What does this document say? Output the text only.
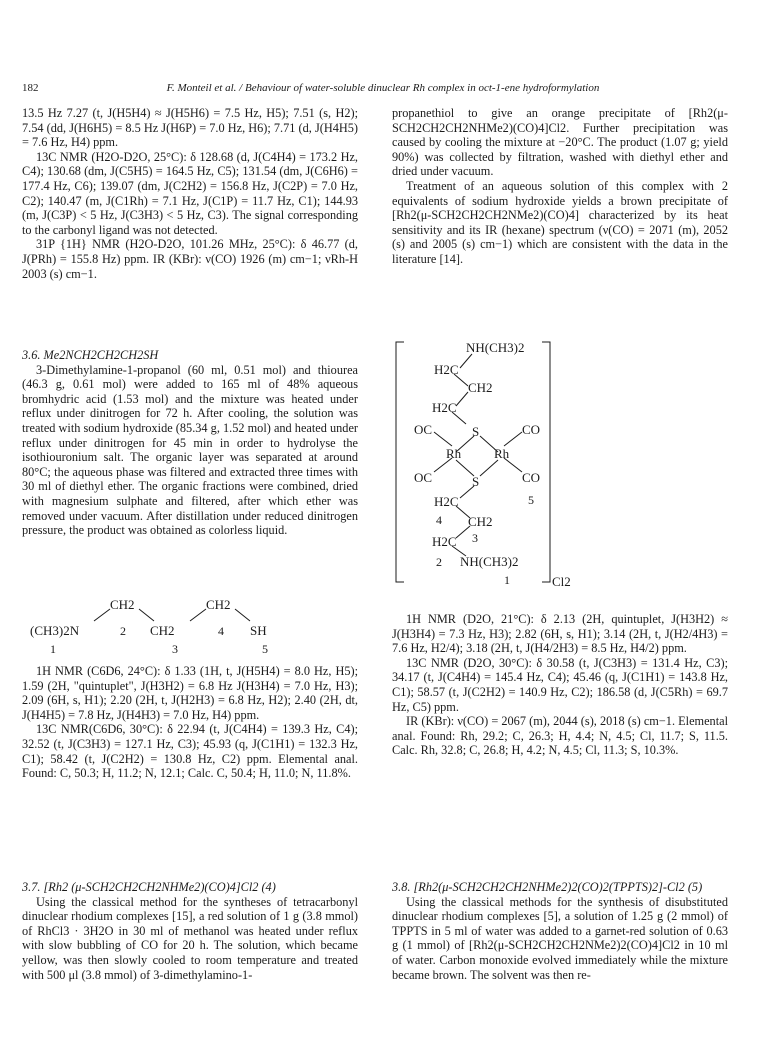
182	F. Monteil et al. / Behaviour of water-soluble dinuclear Rh complex in oct-1-ene hydroformylation

13.5 Hz 7.27 (t, J(H5H4) ≈ J(H5H6) = 7.5 Hz, H5); 7.51 (s, H2); 7.54 (dd, J(H6H5) = 8.5 Hz J(H6P) = 7.0 Hz, H6); 7.71 (d, J(H4H5) = 7.6 Hz, H4) ppm.

13C NMR (H2O-D2O, 25°C): δ 128.68 (d, J(C4H4) = 173.2 Hz, C4); 130.68 (dm, J(C5H5) = 164.5 Hz, C5); 131.54 (dm, J(C6H6) = 177.4 Hz, C6); 139.07 (dm, J(C2H2) = 156.8 Hz, J(C2P) = 7.0 Hz, C2); 140.47 (m, J(C1Rh) = 7.1 Hz, J(C1P) = 11.7 Hz, C1); 144.93 (m, J(C3P) < 5 Hz, J(C3H3) < 5 Hz, C3). The signal corresponding to the carbonyl ligand was not detected.

31P {1H} NMR (H2O-D2O, 101.26 MHz, 25°C): δ 46.77 (d, J(PRh) = 155.8 Hz) ppm. IR (KBr): ν(CO) 1926 (m) cm−1; νRh-H 2003 (s) cm−1.

3.6. Me2NCH2CH2CH2SH

3-Dimethylamine-1-propanol (60 ml, 0.51 mol) and thiourea (46.3 g, 0.61 mol) were added to 165 ml of 48% aqueous bromhydric acid (1.53 mol) and the mixture was heated under reflux under dinitrogen for 72 h. After cooling, the solution was treated with sodium hydroxide (85.34 g, 1.52 mol) and heated under reflux under dinitrogen for 45 min in order to hydrolyse the isothiouronium salt. The organic layer was separated at around 80°C; the aqueous phase was filtered and extracted three times with 30 ml of diethyl ether. The organic fractions were combined, dried with magnesium sulphate and filtered, after which ether was removed under vacuum. After distillation under reduced dinitrogen pressure, the product was obtained as colorless liquid.

(CH3)2N
CH2
CH2
CH2
SH
2	4
1	3	5

1H NMR (C6D6, 24°C): δ 1.33 (1H, t, J(H5H4) = 8.0 Hz, H5); 1.59 (2H, "quintuplet", J(H3H2) = 6.8 Hz J(H3H4) = 7.0 Hz, H3); 2.09 (6H, s, H1); 2.20 (2H, t, J(H2H3) = 6.8 Hz, H2); 2.40 (2H, dt, J(H4H5) = 7.8 Hz, J(H4H3) = 7.0 Hz, H4) ppm.

13C NMR(C6D6, 30°C): δ 22.94 (t, J(C4H4) = 139.3 Hz, C4); 32.52 (t, J(C3H3) = 127.1 Hz, C3); 45.93 (q, J(C1H1) = 132.3 Hz, C1); 58.42 (t, J(C2H2) = 130.8 Hz, C2) ppm. Elemental anal. Found: C, 50.3; H, 11.2; N, 12.1; Calc. C, 50.4; H, 11.0; N, 11.8%.

3.7. [Rh2 (μ-SCH2CH2CH2NHMe2)(CO)4]Cl2 (4)

Using the classical method for the syntheses of tetracarbonyl dinuclear rhodium complexes [15], a red solution of 1 g (3.8 mmol) of RhCl3 · 3H2O in 30 ml of methanol was heated under reflux with slow bubbling of CO for 20 h. The solution, which became yellow, was then slowly cooled to room temperature and treated with 500 μl (3.8 mmol) of 3-dimethylamino-1-

propanethiol to give an orange precipitate of [Rh2(μ-SCH2CH2CH2NHMe2)(CO)4]Cl2. Further precipitation was caused by cooling the mixture at −20°C. The product (1.07 g; yield 90%) was collected by filtration, washed with diethyl ether and dried under vacuum.

Treatment of an aqueous solution of this complex with 2 equivalents of sodium hydroxide yields a brown precipitate of [Rh2(μ-SCH2CH2CH2NMe2)(CO)4] characterized by its heat sensitivity and its IR (hexane) spectrum (ν(CO) = 2071 (m), 2052 (s) and 2005 (s) cm−1) which are consistent with the data in the literature [14].

NH(CH3)2
H2C
CH2
H2C
OC	S	CO
Rh	Rh
OC	S	CO
H2C	5
4 CH2
H2C 3
2 NH(CH3)2
1	Cl2

1H NMR (D2O, 21°C): δ 2.13 (2H, quintuplet, J(H3H2) ≈ J(H3H4) = 7.3 Hz, H3); 2.82 (6H, s, H1); 3.14 (2H, t, J(H2/4H3) = 7.6 Hz, H2/4); 3.18 (2H, t, J(H4/2H3) = 8.5 Hz, H4/2) ppm.

13C NMR (D2O, 30°C): δ 30.58 (t, J(C3H3) = 131.4 Hz, C3); 34.17 (t, J(C4H4) = 145.4 Hz, C4); 45.46 (q, J(C1H1) = 143.8 Hz, C1); 58.57 (t, J(C2H2) = 140.9 Hz, C2); 186.58 (d, J(C5Rh) = 69.7 Hz, C5) ppm.

IR (KBr): ν(CO) = 2067 (m), 2044 (s), 2018 (s) cm−1. Elemental anal. Found: Rh, 29.2; C, 26.3; H, 4.4; N, 4.5; Cl, 11.7; S, 11.5. Calc. Rh, 32.8; C, 26.8; H, 4.2; N, 4.5; Cl, 11.3; S, 10.3%.

3.8. [Rh2(μ-SCH2CH2CH2NHMe2)2(CO)2(TPPTS)2]-Cl2 (5)

Using the classical methods for the synthesis of disubstituted dinuclear rhodium complexes [5], a solution of 1.25 g (2 mmol) of TPPTS in 5 ml of water was added to a garnet-red solution of 0.63 g (1 mmol) of [Rh2(μ-SCH2CH2CH2NMe2)2(CO)4]Cl2 in 10 ml of water. Carbon monoxide evolved immediately while the mixture became brown. The solvent was then re-
